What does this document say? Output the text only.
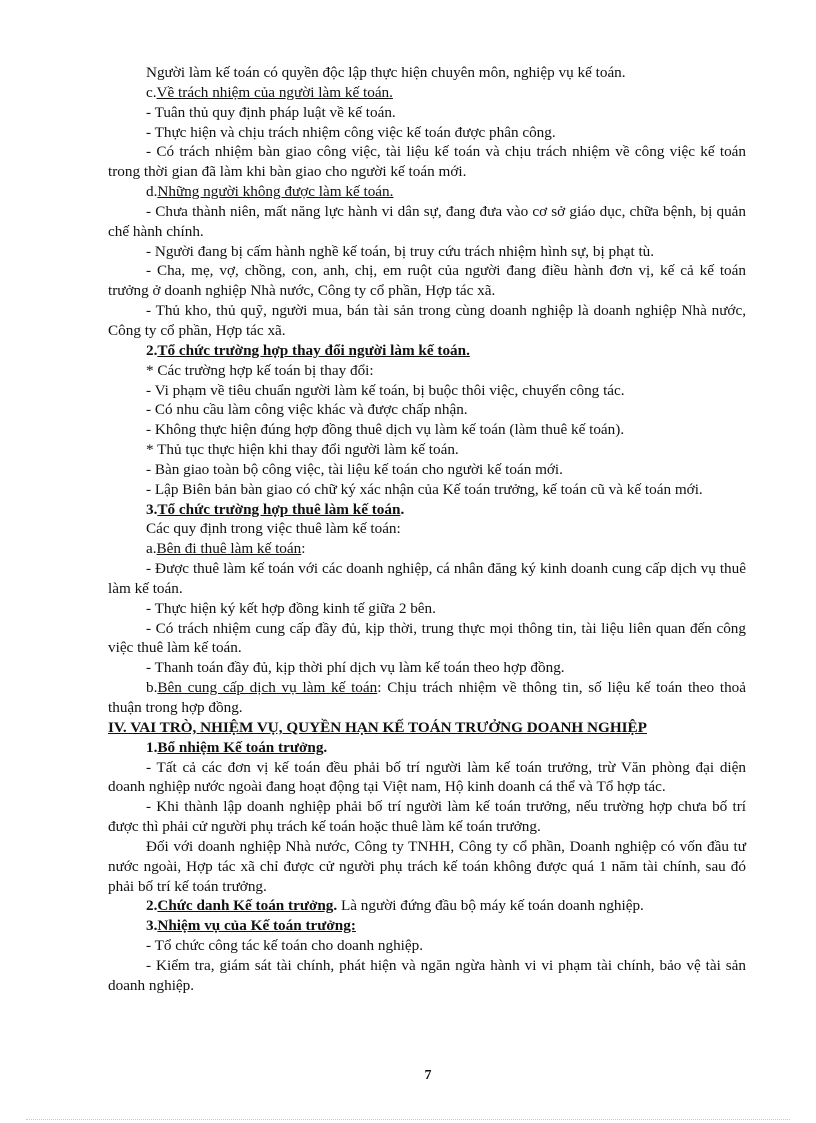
Người làm kế toán có quyền độc lập thực hiện chuyên môn, nghiệp vụ kế toán.

c.Về trách nhiệm của người làm kế toán.

- Tuân thủ quy định pháp luật về kế toán.

- Thực hiện và chịu trách nhiệm công việc kế toán được phân công.

- Có trách nhiệm bàn giao công việc, tài liệu kế toán và chịu trách nhiệm về công việc kế toán trong thời gian đã làm khi bàn giao cho người kế toán mới.

d.Những người không được làm kế toán.

- Chưa thành niên, mất năng lực hành vi dân sự, đang đưa vào cơ sở giáo dục, chữa bệnh, bị quản chế hành chính.

- Người đang bị cấm hành nghề kế toán, bị truy cứu trách nhiệm hình sự, bị phạt tù.

- Cha, mẹ, vợ, chồng, con, anh, chị, em ruột của người đang điều hành đơn vị, kế cả kế toán trưởng ở doanh nghiệp Nhà nước, Công ty cổ phần, Hợp tác xã.

- Thủ kho, thủ quỹ, người mua, bán tài sản trong cùng doanh nghiệp là doanh nghiệp Nhà nước, Công ty cổ phần, Hợp tác xã.

2.Tổ chức trường hợp thay đổi người làm kế toán.

* Các trường hợp kế toán bị thay đổi:

- Vi phạm về tiêu chuẩn người làm kế toán, bị buộc thôi việc, chuyển công tác.

- Có nhu cầu làm công việc khác và được chấp nhận.

- Không thực hiện đúng hợp đồng thuê dịch vụ làm kế toán (làm thuê kế toán).

* Thủ tục thực hiện khi thay đổi người làm kế toán.

- Bàn giao toàn bộ công việc, tài liệu kế toán cho người kế toán mới.

- Lập Biên bản bàn giao có chữ ký xác nhận của Kế toán trưởng, kế toán cũ và kế toán mới.

3.Tổ chức trường hợp thuê làm kế toán.

Các quy định trong việc thuê làm kế toán:

a.Bên đi thuê làm kế toán:

- Được thuê làm kế toán với các doanh nghiệp, cá nhân đăng ký kinh doanh cung cấp dịch vụ thuê làm kế toán.

- Thực hiện ký kết hợp đồng kinh tế giữa 2 bên.

- Có trách nhiệm cung cấp đầy đủ, kịp thời, trung thực mọi thông tin, tài liệu liên quan đến công việc thuê làm kế toán.

- Thanh toán đầy đủ, kịp thời phí dịch vụ làm kế toán theo hợp đồng.

b.Bên cung cấp dịch vụ làm kế toán: Chịu trách nhiệm về thông tin, số liệu kế toán theo thoả thuận trong hợp đồng.

IV. VAI TRÒ, NHIỆM VỤ, QUYỀN HẠN KẾ TOÁN TRƯỞNG DOANH NGHIỆP

1.Bổ nhiệm Kế toán trưởng.

- Tất cả các đơn vị kế toán đều phải bố trí người làm kế toán trưởng, trừ Văn phòng đại diện doanh nghiệp nước ngoài đang hoạt động tại Việt nam, Hộ kinh doanh cá thể và Tổ hợp tác.

- Khi thành lập doanh nghiệp phải bố trí người làm kế toán trưởng, nếu trường hợp chưa bố trí được thì phải cử người phụ trách kế toán hoặc thuê làm kế toán trưởng.

Đối với doanh nghiệp Nhà nước, Công ty TNHH, Công ty cổ phần, Doanh nghiệp có vốn đầu tư nước ngoài, Hợp tác xã chỉ được cử người phụ trách kế toán không được quá 1 năm tài chính, sau đó phải bố trí kế toán trưởng.

2.Chức danh Kế toán trưởng. Là người đứng đầu bộ máy kế toán doanh nghiệp.

3.Nhiệm vụ của Kế toán trưởng:

- Tổ chức công tác kế toán cho doanh nghiệp.

- Kiểm tra, giám sát tài chính, phát hiện và ngăn ngừa hành vi vi phạm tài chính, bảo vệ tài sản doanh nghiệp.

7
